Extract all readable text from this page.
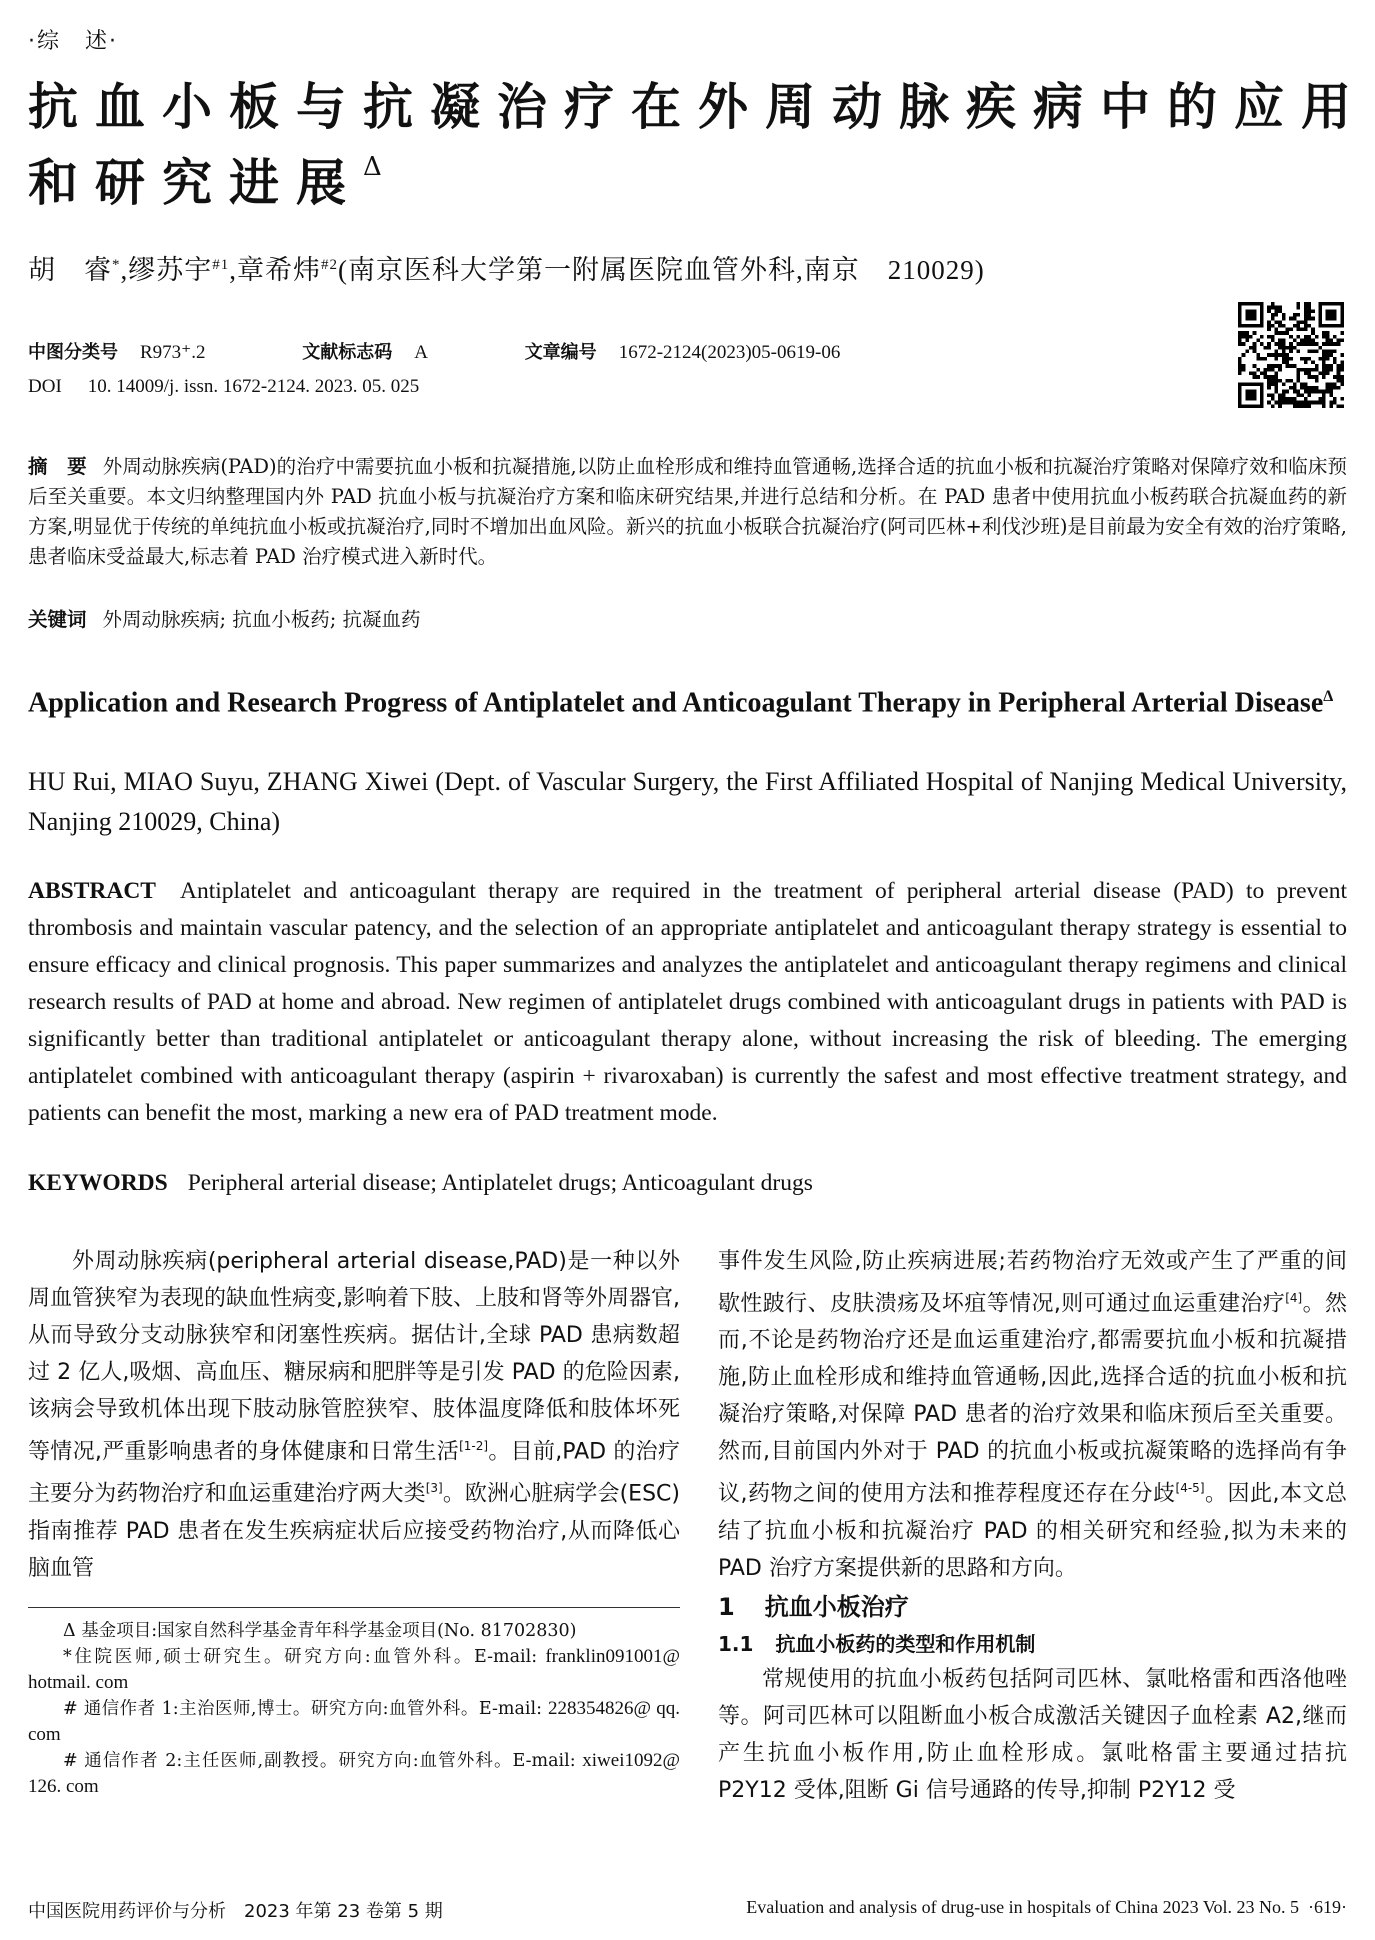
·综　述·
抗血小板与抗凝治疗在外周动脉疾病中的应用
和研究进展$^\Delta$
胡　睿*,缪苏宇$^{\#1}$,章希炜$^{\#2}$(南京医科大学第一附属医院血管外科,南京　210029)
中图分类号 R973⁺.2	文献标志码 A	文章编号 1672-2124(2023)05-0619-06
DOI 10. 14009/j. issn. 1672-2124. 2023. 05. 025
摘　要 外周动脉疾病(PAD)的治疗中需要抗血小板和抗凝措施,以防止血栓形成和维持血管通畅,选择合适的抗血小板和抗凝治疗策略对保障疗效和临床预后至关重要。本文归纳整理国内外 PAD 抗血小板与抗凝治疗方案和临床研究结果,并进行总结和分析。在 PAD 患者中使用抗血小板药联合抗凝血药的新方案,明显优于传统的单纯抗血小板或抗凝治疗,同时不增加出血风险。新兴的抗血小板联合抗凝治疗(阿司匹林+利伐沙班)是目前最为安全有效的治疗策略,患者临床受益最大,标志着 PAD 治疗模式进入新时代。
关键词 外周动脉疾病; 抗血小板药; 抗凝血药
Application and Research Progress of Antiplatelet and Anticoagulant Therapy in Peripheral Arterial Disease$^\Delta$
HU Rui, MIAO Suyu, ZHANG Xiwei (Dept. of Vascular Surgery, the First Affiliated Hospital of Nanjing Medical University, Nanjing 210029, China)
ABSTRACT Antiplatelet and anticoagulant therapy are required in the treatment of peripheral arterial disease (PAD) to prevent thrombosis and maintain vascular patency, and the selection of an appropriate antiplatelet and anticoagulant therapy strategy is essential to ensure efficacy and clinical prognosis. This paper summarizes and analyzes the antiplatelet and anticoagulant therapy regimens and clinical research results of PAD at home and abroad. New regimen of antiplatelet drugs combined with anticoagulant drugs in patients with PAD is significantly better than traditional antiplatelet or anticoagulant therapy alone, without increasing the risk of bleeding. The emerging antiplatelet combined with anticoagulant therapy (aspirin + rivaroxaban) is currently the safest and most effective treatment strategy, and patients can benefit the most, marking a new era of PAD treatment mode.
KEYWORDS Peripheral arterial disease; Antiplatelet drugs; Anticoagulant drugs

外周动脉疾病(peripheral arterial disease,PAD)是一种以外周血管狭窄为表现的缺血性病变,影响着下肢、上肢和肾等外周器官,从而导致分支动脉狭窄和闭塞性疾病。据估计,全球 PAD 患病数超过 2 亿人,吸烟、高血压、糖尿病和肥胖等是引发 PAD 的危险因素,该病会导致机体出现下肢动脉管腔狭窄、肢体温度降低和肢体坏死等情况,严重影响患者的身体健康和日常生活[1-2]。目前,PAD 的治疗主要分为药物治疗和血运重建治疗两大类[3]。欧洲心脏病学会(ESC)指南推荐 PAD 患者在发生疾病症状后应接受药物治疗,从而降低心脑血管

Δ 基金项目:国家自然科学基金青年科学基金项目(No. 81702830)

*住院医师,硕士研究生。研究方向:血管外科。E-mail: franklin091001@ hotmail. com

# 通信作者 1:主治医师,博士。研究方向:血管外科。E-mail: 228354826@ qq. com

# 通信作者 2:主任医师,副教授。研究方向:血管外科。E-mail: xiwei1092@ 126. com

事件发生风险,防止疾病进展;若药物治疗无效或产生了严重的间歇性跛行、皮肤溃疡及坏疽等情况,则可通过血运重建治疗[4]。然而,不论是药物治疗还是血运重建治疗,都需要抗血小板和抗凝措施,防止血栓形成和维持血管通畅,因此,选择合适的抗血小板和抗凝治疗策略,对保障 PAD 患者的治疗效果和临床预后至关重要。然而,目前国内外对于 PAD 的抗血小板或抗凝策略的选择尚有争议,药物之间的使用方法和推荐程度还存在分歧[4-5]。因此,本文总结了抗血小板和抗凝治疗 PAD 的相关研究和经验,拟为未来的 PAD 治疗方案提供新的思路和方向。

1 抗血小板治疗
1.1 抗血小板药的类型和作用机制

常规使用的抗血小板药包括阿司匹林、氯吡格雷和西洛他唑等。阿司匹林可以阻断血小板合成激活关键因子血栓素 A2,继而产生抗血小板作用,防止血栓形成。氯吡格雷主要通过拮抗 P2Y12 受体,阻断 Gi 信号通路的传导,抑制 P2Y12 受

中国医院用药评价与分析　2023 年第 23 卷第 5 期	Evaluation and analysis of drug-use in hospitals of China 2023 Vol. 23 No. 5 ·619·
